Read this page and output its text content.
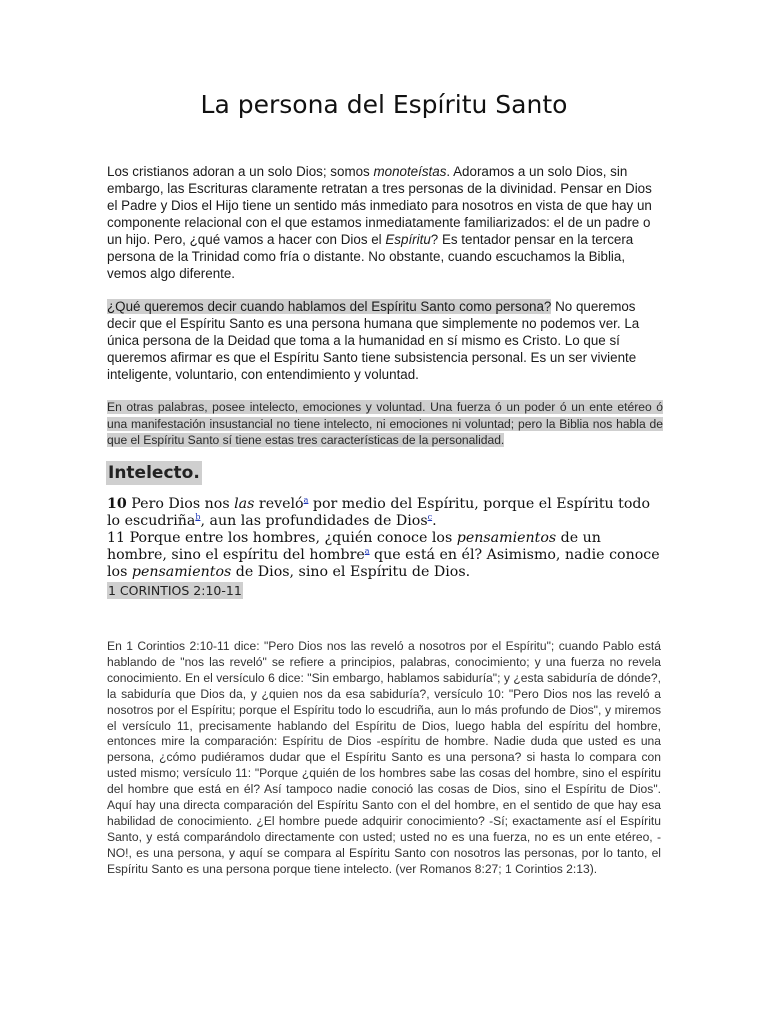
La persona del Espíritu Santo

Los cristianos adoran a un solo Dios; somos monoteístas. Adoramos a un solo Dios, sin embargo, las Escrituras claramente retratan a tres personas de la divinidad. Pensar en Dios el Padre y Dios el Hijo tiene un sentido más inmediato para nosotros en vista de que hay un componente relacional con el que estamos inmediatamente familiarizados: el de un padre o un hijo. Pero, ¿qué vamos a hacer con Dios el Espíritu? Es tentador pensar en la tercera persona de la Trinidad como fría o distante. No obstante, cuando escuchamos la Biblia, vemos algo diferente.

¿Qué queremos decir cuando hablamos del Espíritu Santo como persona? No queremos decir que el Espíritu Santo es una persona humana que simplemente no podemos ver. La única persona de la Deidad que toma a la humanidad en sí mismo es Cristo. Lo que sí queremos afirmar es que el Espíritu Santo tiene subsistencia personal. Es un ser viviente inteligente, voluntario, con entendimiento y voluntad.

En otras palabras, posee intelecto, emociones y voluntad. Una fuerza ó un poder ó un ente etéreo ó una manifestación insustancial no tiene intelecto, ni emociones ni voluntad; pero la Biblia nos habla de que el Espíritu Santo sí tiene estas tres características de la personalidad.

Intelecto.

10 Pero Dios nos las reveló$^a$ por medio del Espíritu, porque el Espíritu todo lo escudriña$^b$, aun las profundidades de Dios$^c$.
11 Porque entre los hombres, ¿quién conoce los pensamientos de un hombre, sino el espíritu del hombre$^a$ que está en él? Asimismo, nadie conoce los pensamientos de Dios, sino el Espíritu de Dios.

1 CORINTIOS 2:10-11

En 1 Corintios 2:10-11 dice: "Pero Dios nos las reveló a nosotros por el Espíritu"; cuando Pablo está hablando de "nos las reveló" se refiere a principios, palabras, conocimiento; y una fuerza no revela conocimiento. En el versículo 6 dice: "Sin embargo, hablamos sabiduría"; y ¿esta sabiduría de dónde?, la sabiduría que Dios da, y ¿quien nos da esa sabiduría?, versículo 10: "Pero Dios nos las reveló a nosotros por el Espíritu; porque el Espíritu todo lo escudriña, aun lo más profundo de Dios", y miremos el versículo 11, precisamente hablando del Espíritu de Dios, luego habla del espíritu del hombre, entonces mire la comparación: Espíritu de Dios -espíritu de hombre. Nadie duda que usted es una persona, ¿cómo pudiéramos dudar que el Espíritu Santo es una persona? si hasta lo compara con usted mismo; versículo 11: "Porque ¿quién de los hombres sabe las cosas del hombre, sino el espíritu del hombre que está en él? Así tampoco nadie conoció las cosas de Dios, sino el Espíritu de Dios". Aquí hay una directa comparación del Espíritu Santo con el del hombre, en el sentido de que hay esa habilidad de conocimiento. ¿El hombre puede adquirir conocimiento? -Sí; exactamente así el Espíritu Santo, y está comparándolo directamente con usted; usted no es una fuerza, no es un ente etéreo, -NO!, es una persona, y aquí se compara al Espíritu Santo con nosotros las personas, por lo tanto, el Espíritu Santo es una persona porque tiene intelecto. (ver Romanos 8:27; 1 Corintios 2:13).
